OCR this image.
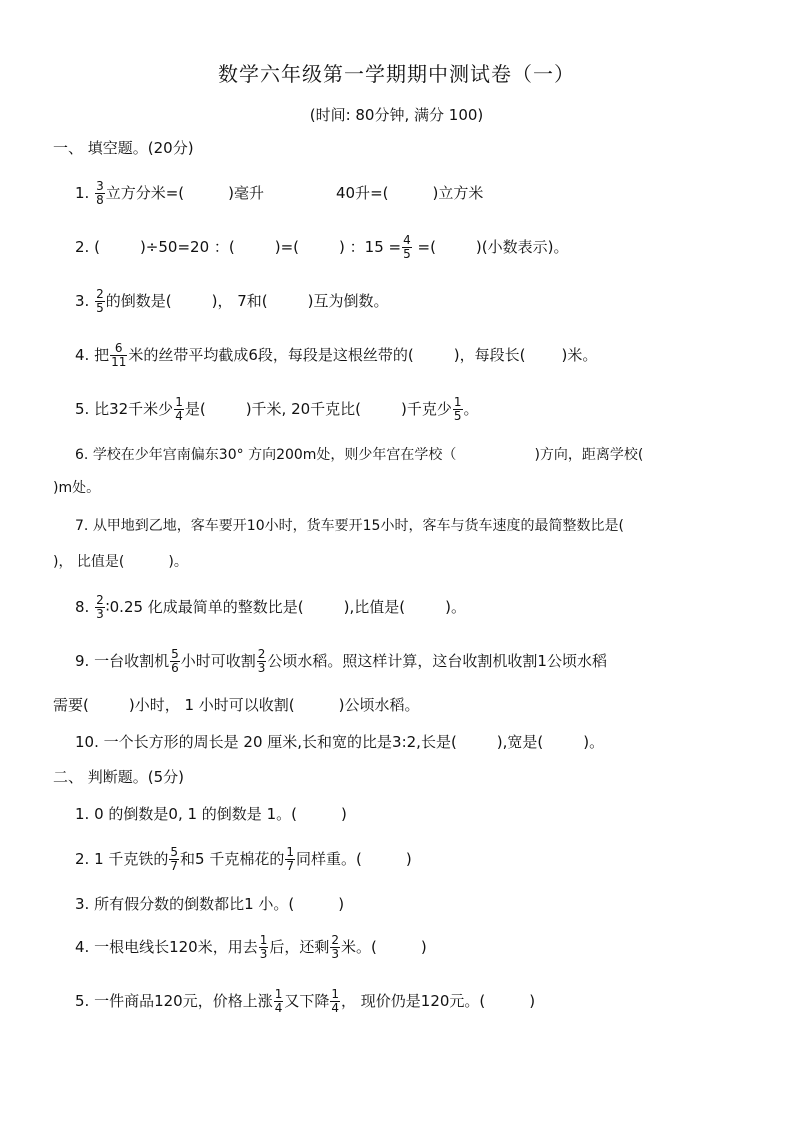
数学六年级第一学期期中测试卷（一）
(时间: 80分钟, 满分 100)
一、 填空题。(20分)
1. $\frac{3}{8}$ 立方分米=(	)毫升	40升=(	)立方米
2. (	)÷50=20 ：(	)=(	) ：$15 = \frac{4}{5}$ =(	)(小数表示)。
3. $\frac{2}{5}$ 的倒数是(	)， 7和(	)互为倒数。
4. 把 $\frac{6}{11}$ 米的丝带平均截成6段，每段是这根丝带的(	)，每段长( )米。
5. 比32千米少 $\frac{1}{4}$ 是(	)千米, 20千克比(	)千克少 $\frac{1}{5}$ 。
6. 学校在少年宫南偏东30° 方向200m处，则少年宫在学校（	)方向，距离学校(
)m处。
7. 从甲地到乙地，客车要开10小时，货车要开15小时，客车与货车速度的最简整数比是(
)， 比值是(	)。
8. $\frac{2}{3}$ ∶0.25 化成最简单的整数比是(	),比值是(	)。
9. 一台收割机 $\frac{5}{6}$ 小时可收割 $\frac{2}{3}$ 公顷水稻。照这样计算，这台收割机收割1公顷水稻
需要(	)小时， 1 小时可以收割(	)公顷水稻。
10. 一个长方形的周长是 20 厘米,长和宽的比是3:2,长是(	),宽是(	)。
二、 判断题。(5分)
1. 0 的倒数是0, 1 的倒数是 1。(	)
2. 1 千克铁的 $\frac{5}{7}$ 和5 千克棉花的 $\frac{1}{7}$ 同样重。(	)
3. 所有假分数的倒数都比1 小。(	)
4. 一根电线长120米，用去 $\frac{1}{3}$ 后，还剩 $\frac{2}{3}$ 米。(	)
5. 一件商品120元，价格上涨 $\frac{1}{4}$ 又下降 $\frac{1}{4}$ ， 现价仍是120元。(	)
